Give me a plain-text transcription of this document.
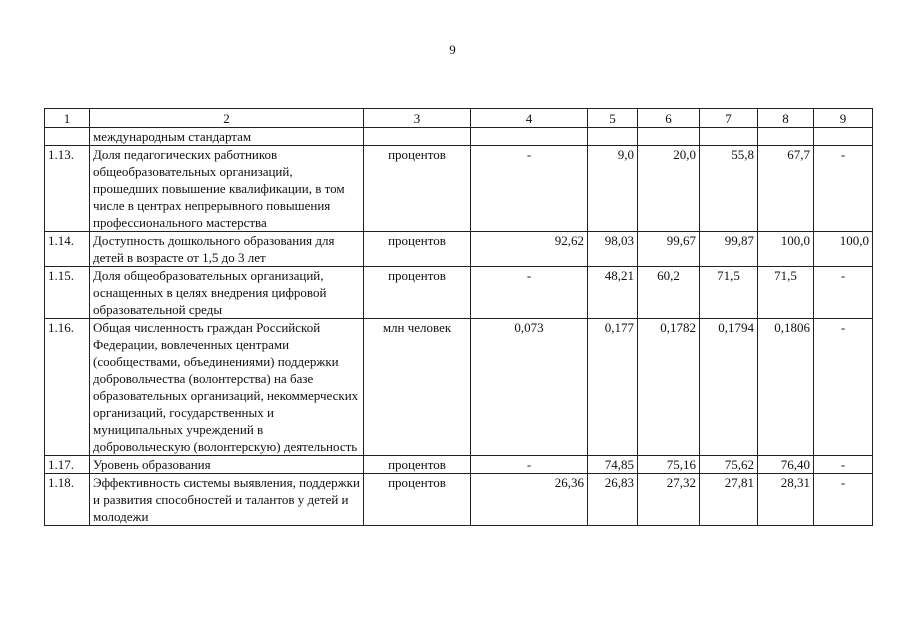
9
1	2	3	4	5	6	7	8	9
	международным стандартам							
1.13.	Доля педагогических работников общеобразовательных организаций, прошедших повышение квалификации, в том числе в центрах непрерывного повышения профессионального мастерства	процентов	-	9,0	20,0	55,8	67,7	-
1.14.	Доступность дошкольного образования для детей в возрасте от 1,5 до 3 лет	процентов	92,62	98,03	99,67	99,87	100,0	100,0
1.15.	Доля общеобразовательных организаций, оснащенных в целях внедрения цифровой образовательной среды	процентов	-	48,21	60,2	71,5	71,5	-
1.16.	Общая численность граждан Российской Федерации, вовлеченных центрами (сообществами, объединениями) поддержки добровольчества (волонтерства) на базе образовательных организаций, некоммерческих организаций, государственных и муниципальных учреждений в добровольческую (волонтерскую) деятельность	млн человек	0,073	0,177	0,1782	0,1794	0,1806	-
1.17.	Уровень образования	процентов	-	74,85	75,16	75,62	76,40	-
1.18.	Эффективность системы выявления, поддержки и развития способностей и талантов у детей и молодежи	процентов	26,36	26,83	27,32	27,81	28,31	-
